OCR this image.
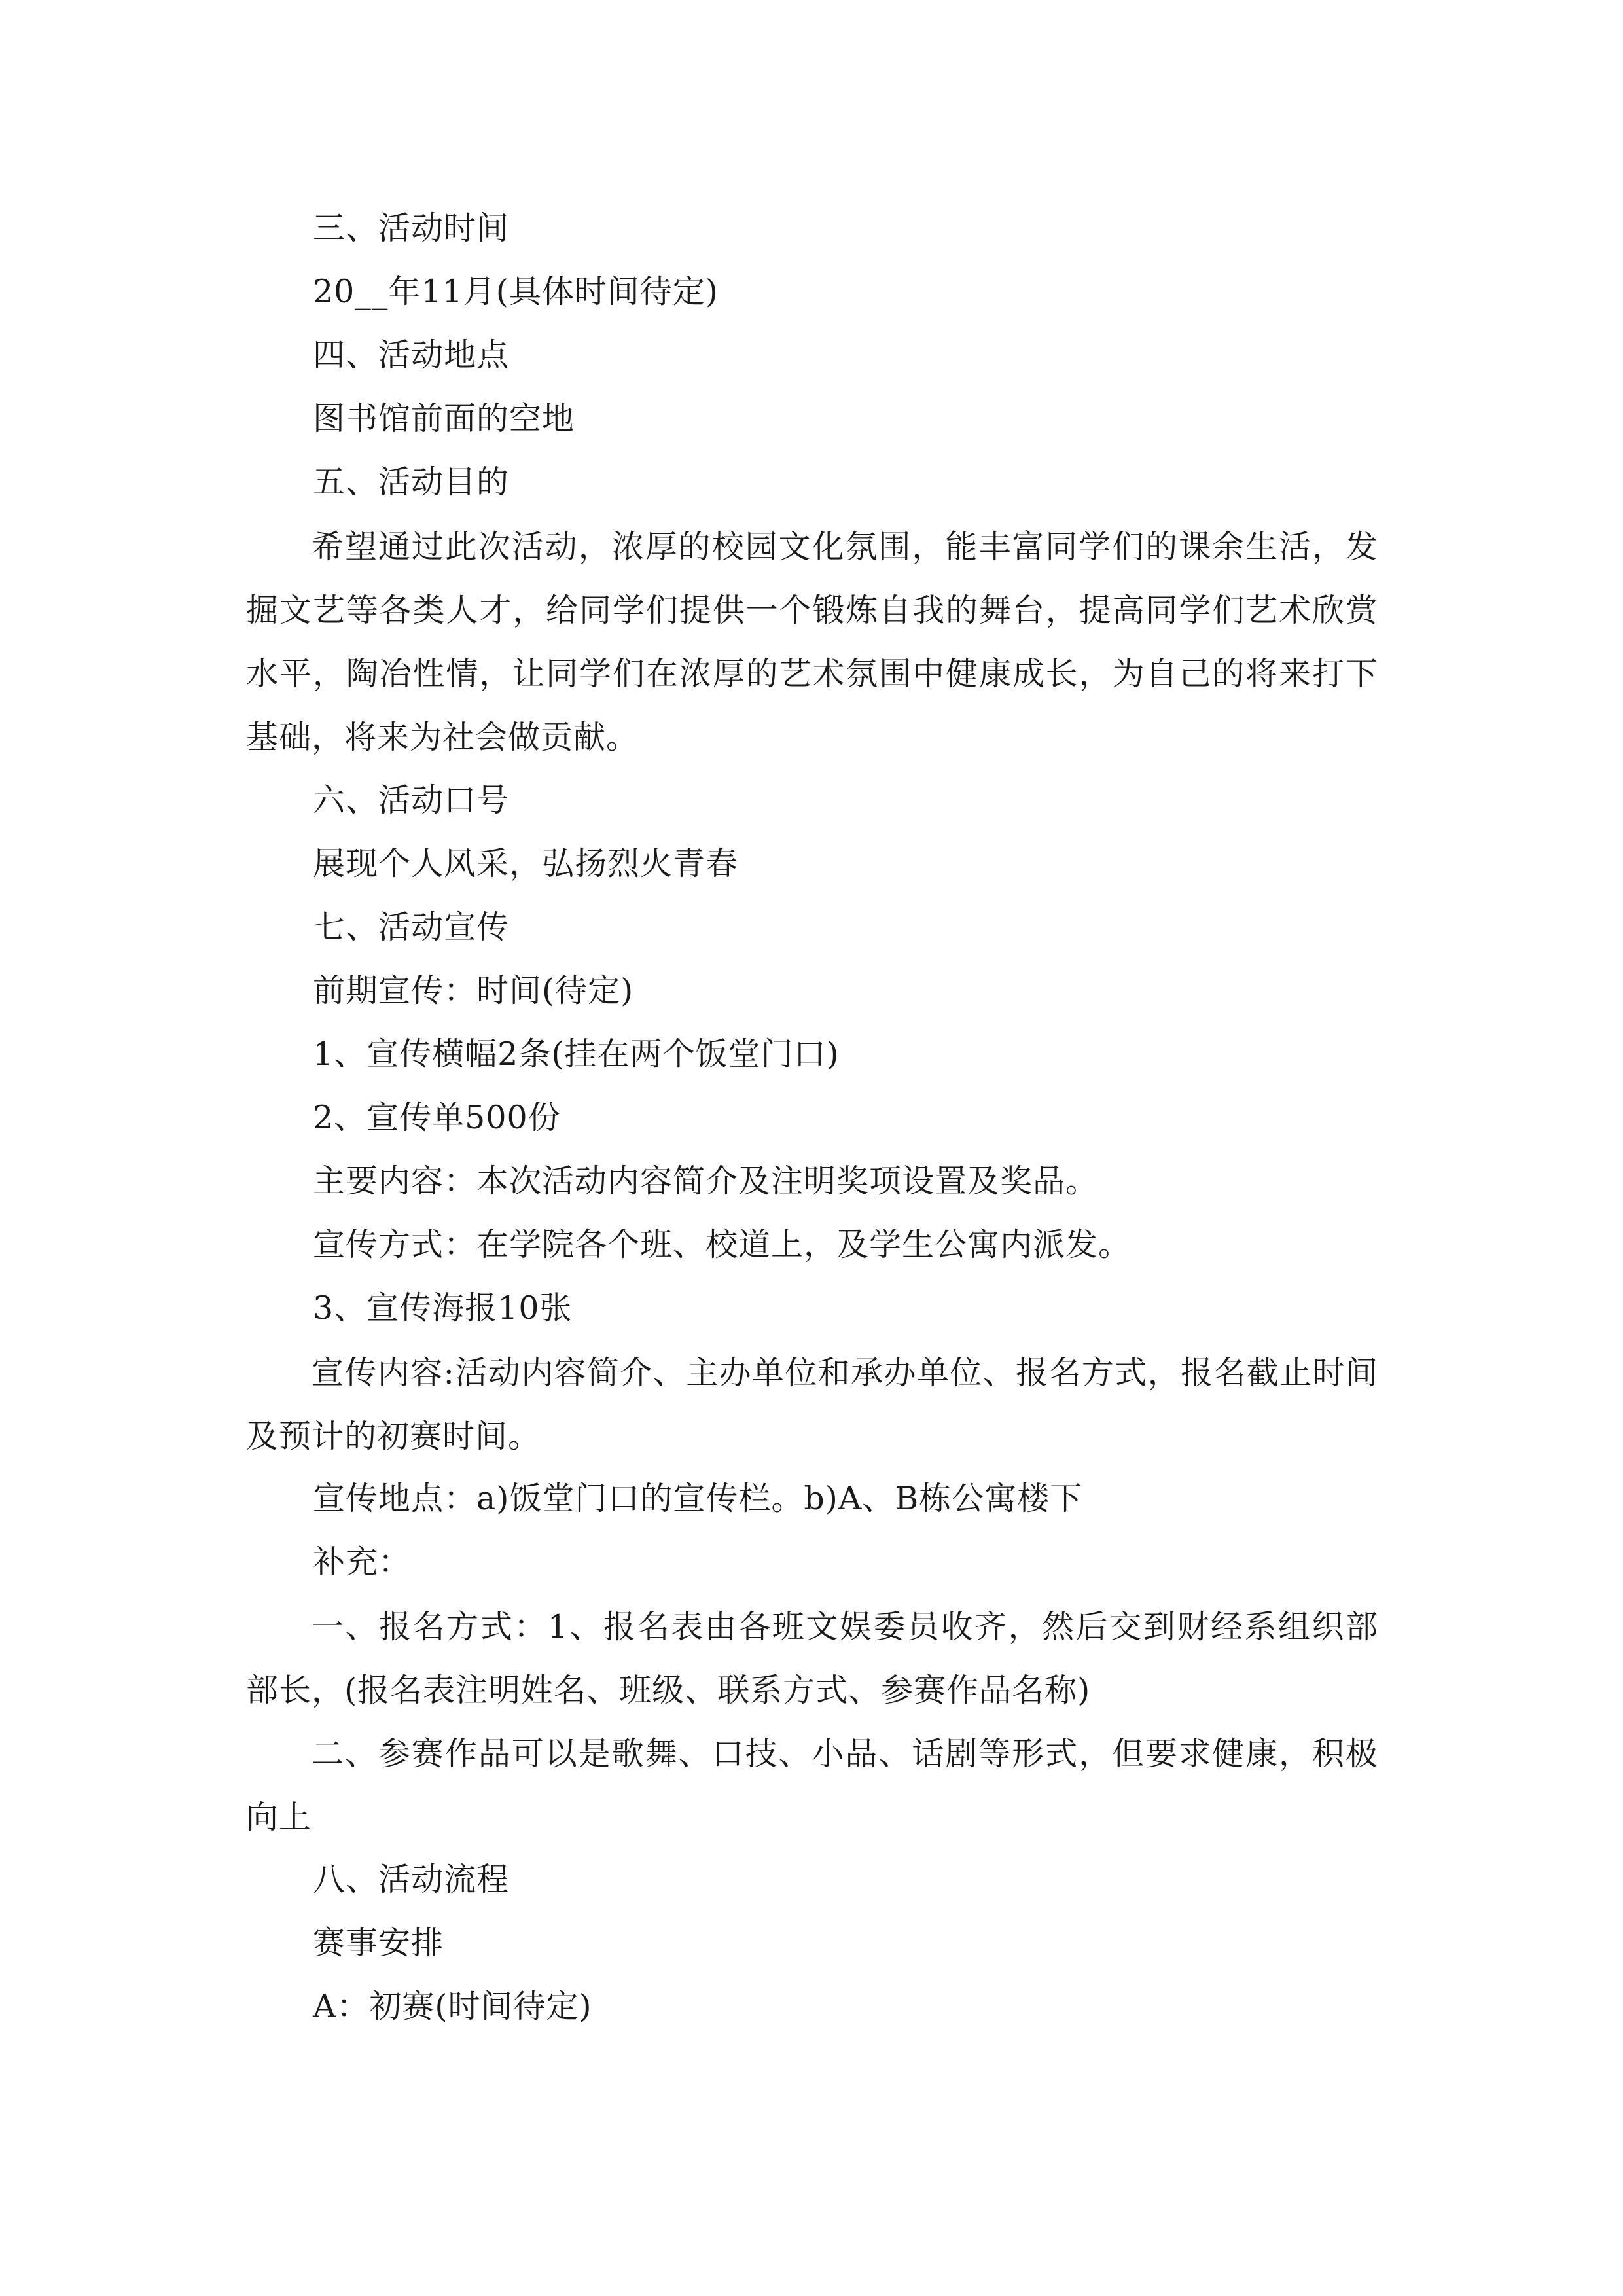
三、活动时间
20__年11月(具体时间待定)
四、活动地点
图书馆前面的空地
五、活动目的
希望通过此次活动，浓厚的校园文化氛围，能丰富同学们的课余生活，发掘文艺等各类人才，给同学们提供一个锻炼自我的舞台，提高同学们艺术欣赏水平，陶冶性情，让同学们在浓厚的艺术氛围中健康成长，为自己的将来打下基础，将来为社会做贡献。
六、活动口号
展现个人风采，弘扬烈火青春
七、活动宣传
前期宣传：时间(待定)
1、宣传横幅2条(挂在两个饭堂门口)
2、宣传单500份
主要内容：本次活动内容简介及注明奖项设置及奖品。
宣传方式：在学院各个班、校道上，及学生公寓内派发。
3、宣传海报10张
宣传内容:活动内容简介、主办单位和承办单位、报名方式，报名截止时间及预计的初赛时间。
宣传地点：a)饭堂门口的宣传栏。b)A、B栋公寓楼下
补充：
一、报名方式：1、报名表由各班文娱委员收齐，然后交到财经系组织部部长，(报名表注明姓名、班级、联系方式、参赛作品名称)
二、参赛作品可以是歌舞、口技、小品、话剧等形式，但要求健康，积极向上
八、活动流程
赛事安排
A：初赛(时间待定)
